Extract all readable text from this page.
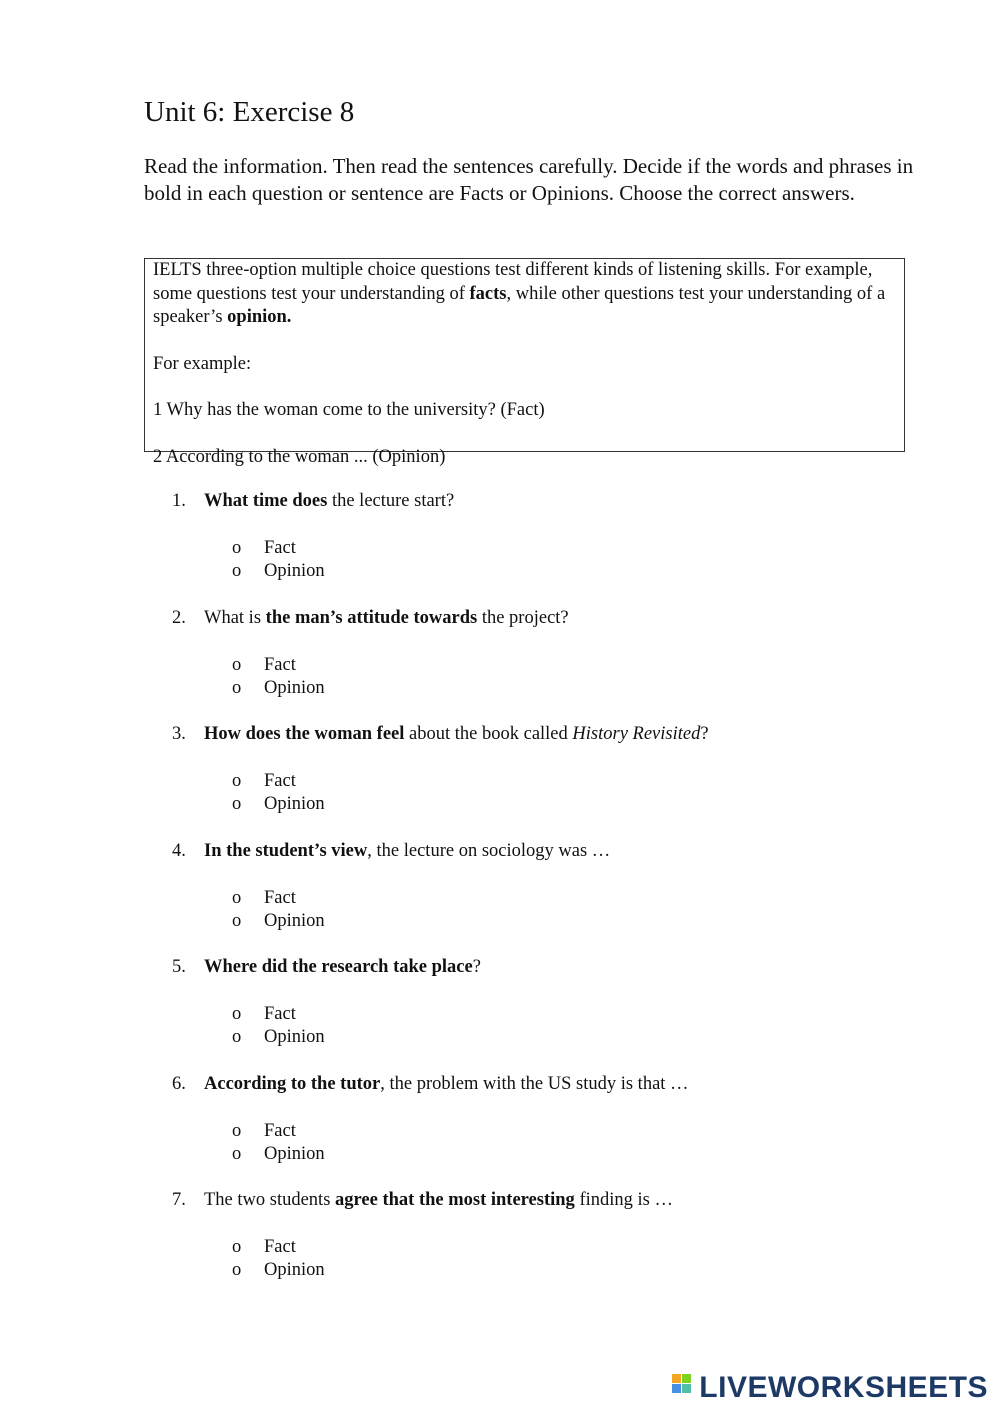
Unit 6: Exercise 8

Read the information. Then read the sentences carefully. Decide if the words and phrases in bold in each question or sentence are Facts or Opinions. Choose the correct answers.

IELTS three-option multiple choice questions test different kinds of listening skills. For example, some questions test your understanding of facts, while other questions test your understanding of a speaker’s opinion.

For example:

1 Why has the woman come to the university? (Fact)

2 According to the woman ... (Opinion)

1. What time does the lecture start?
o Fact
o Opinion
2. What is the man’s attitude towards the project?
o Fact
o Opinion
3. How does the woman feel about the book called History Revisited?
o Fact
o Opinion
4. In the student’s view, the lecture on sociology was …
o Fact
o Opinion
5. Where did the research take place?
o Fact
o Opinion
6. According to the tutor, the problem with the US study is that …
o Fact
o Opinion
7. The two students agree that the most interesting finding is …
o Fact
o Opinion
LIVEWORKSHEETS
